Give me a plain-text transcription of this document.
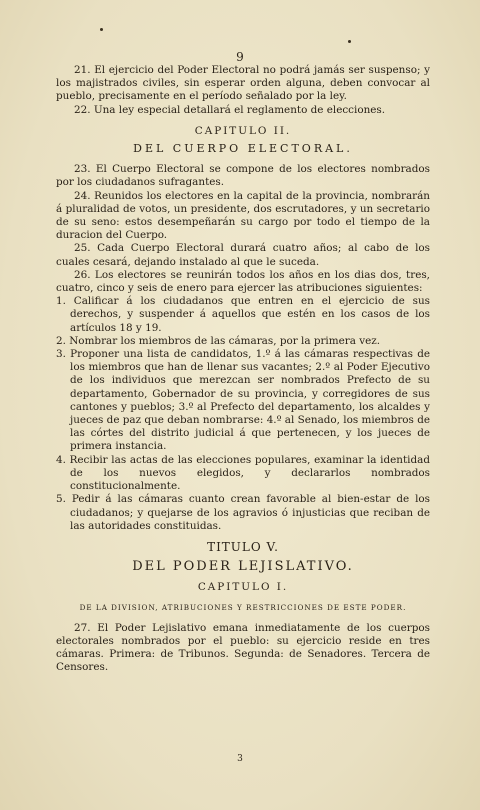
9

21. El ejercicio del Poder Electoral no podrá jamás ser suspenso; y los majistrados civiles, sin esperar orden alguna, deben convocar al pueblo, precisamente en el período señalado por la ley.

22. Una ley especial detallará el reglamento de elecciones.

CAPITULO II.
DEL CUERPO ELECTORAL.

23. El Cuerpo Electoral se compone de los electores nombrados por los ciudadanos sufragantes.

24. Reunidos los electores en la capital de la provincia, nombrarán á pluralidad de votos, un presidente, dos escrutadores, y un secretario de su seno: estos desempeñarán su cargo por todo el tiempo de la duracion del Cuerpo.

25. Cada Cuerpo Electoral durará cuatro años; al cabo de los cuales cesará, dejando instalado al que le suceda.

26. Los electores se reunirán todos los años en los dias dos, tres, cuatro, cinco y seis de enero para ejercer las atribuciones siguientes:

1. Calificar á los ciudadanos que entren en el ejercicio de sus derechos, y suspender á aquellos que estén en los casos de los artículos 18 y 19.

2. Nombrar los miembros de las cámaras, por la primera vez.

3. Proponer una lista de candidatos, 1.º á las cámaras respectivas de los miembros que han de llenar sus vacantes; 2.º al Poder Ejecutivo de los individuos que merezcan ser nombrados Prefecto de su departamento, Gobernador de su provincia, y corregidores de sus cantones y pueblos; 3.º al Prefecto del departamento, los alcaldes y jueces de paz que deban nombrarse: 4.º al Senado, los miembros de las córtes del distrito judicial á que pertenecen, y los jueces de primera instancia.

4. Recibir las actas de las elecciones populares, examinar la identidad de los nuevos elegidos, y declararlos nombrados constitucionalmente.

5. Pedir á las cámaras cuanto crean favorable al bien-estar de los ciudadanos; y quejarse de los agravios ó injusticias que reciban de las autoridades constituidas.

TITULO V.
DEL PODER LEJISLATIVO.
CAPITULO I.
DE LA DIVISION, ATRIBUCIONES Y RESTRICCIONES DE ESTE PODER.

27. El Poder Lejislativo emana inmediatamente de los cuerpos electorales nombrados por el pueblo: su ejercicio reside en tres cámaras. Primera: de Tribunos. Segunda: de Senadores. Tercera de Censores.

3
